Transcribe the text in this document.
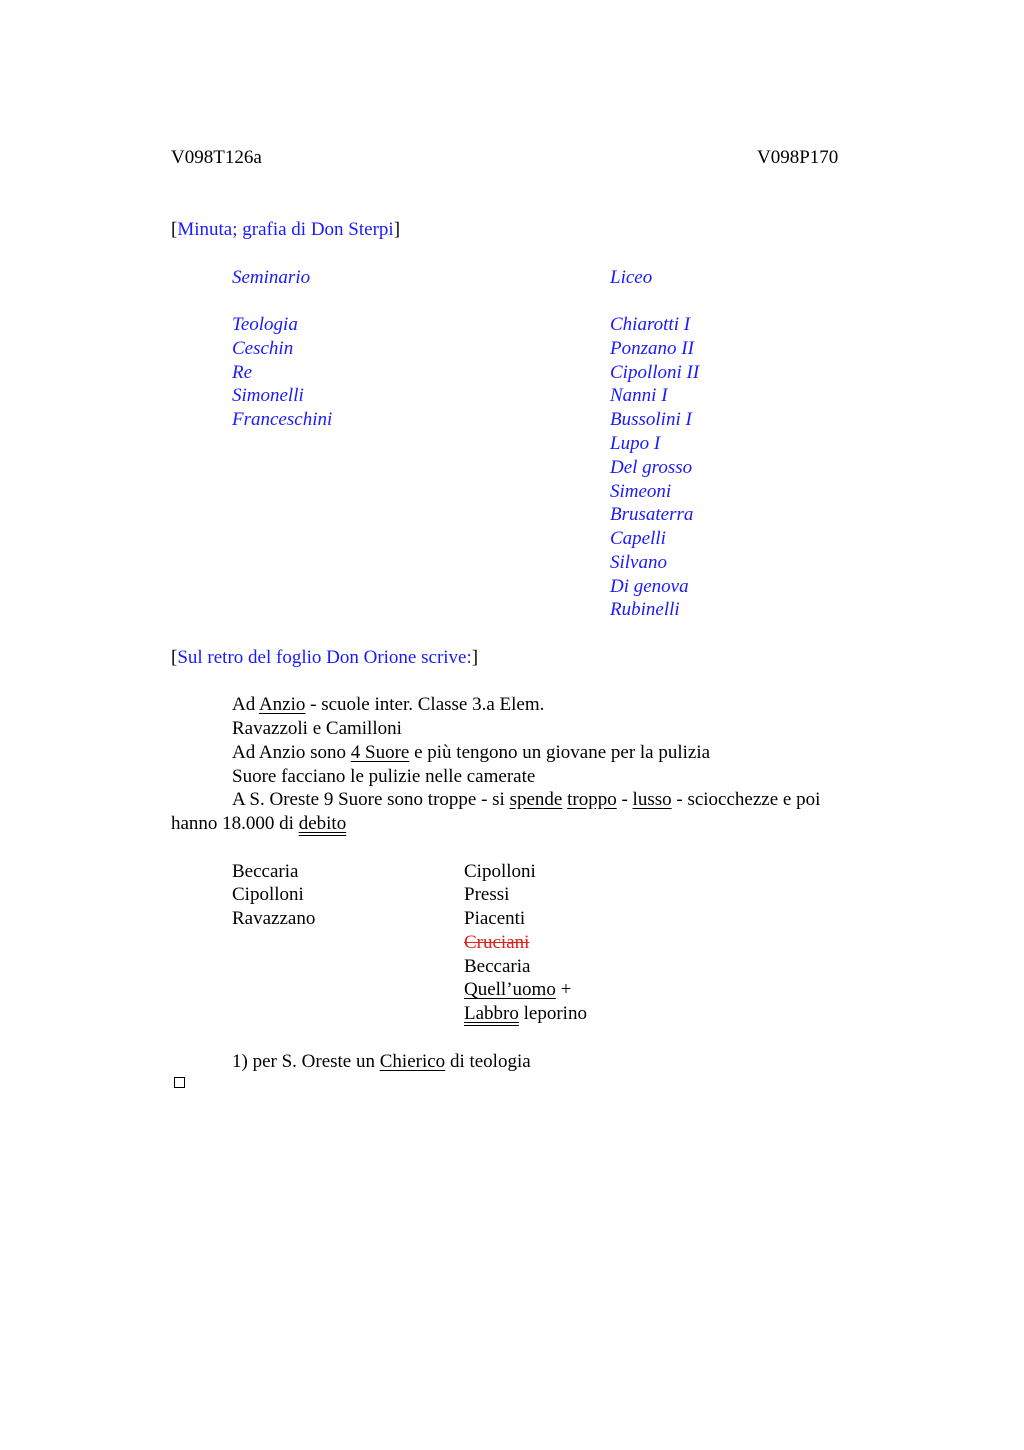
V098T126a	V098P170
[Minuta; grafia di Don Sterpi]
Seminario
Teologia
Ceschin
Re
Simonelli
Franceschini
Liceo
Chiarotti I
Ponzano II
Cipolloni II
Nanni I
Bussolini I
Lupo I
Del grosso
Simeoni
Brusaterra
Capelli
Silvano
Di genova
Rubinelli
[Sul retro del foglio Don Orione scrive:]
Ad Anzio - scuole inter. Classe 3.a Elem.
Ravazzoli e Camilloni
Ad Anzio sono 4 Suore e più tengono un giovane per la pulizia
Suore facciano le pulizie nelle camerate
A S. Oreste 9 Suore sono troppe - si spende troppo - lusso - sciocchezze e poi
hanno 18.000 di debito
Beccaria
Cipolloni
Ravazzano
Cipolloni
Pressi
Piacenti
Cruciani
Beccaria
Quell’uomo +
Labbro leporino
1) per S. Oreste un Chierico di teologia
